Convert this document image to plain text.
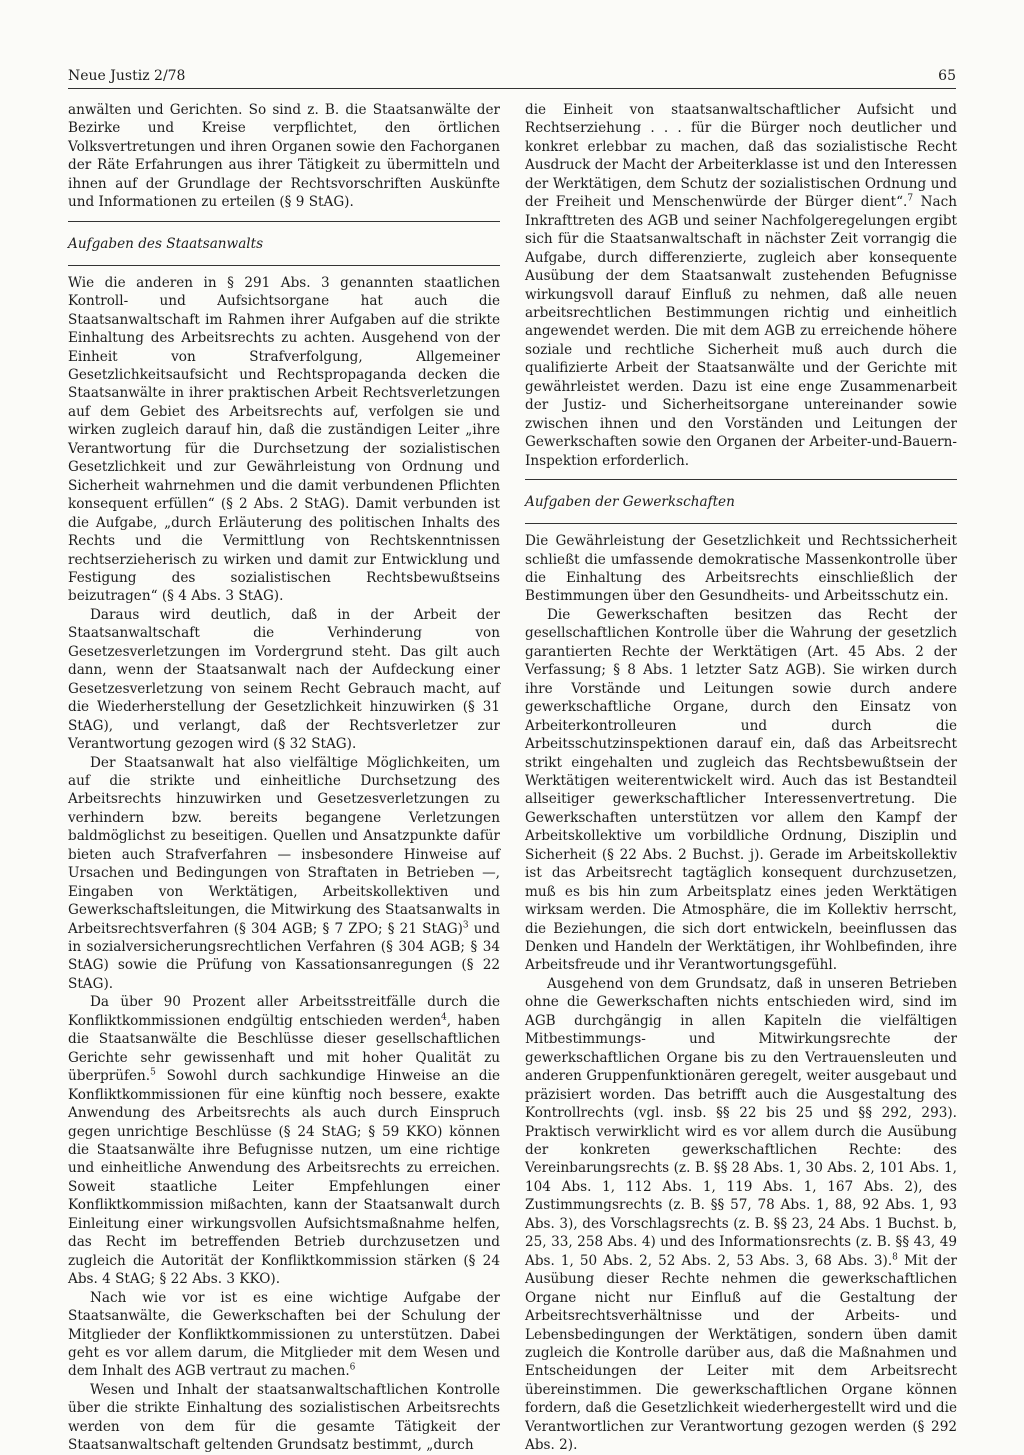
Neue Justiz 2/78	65

anwälten und Gerichten. So sind z. B. die Staatsanwälte der Bezirke und Kreise verpflichtet, den örtlichen Volksvertretungen und ihren Organen sowie den Fachorganen der Räte Erfahrungen aus ihrer Tätigkeit zu übermitteln und ihnen auf der Grundlage der Rechtsvorschriften Auskünfte und Informationen zu erteilen (§ 9 StAG).

Aufgaben des Staatsanwalts

Wie die anderen in § 291 Abs. 3 genannten staatlichen Kontroll- und Aufsichtsorgane hat auch die Staatsanwaltschaft im Rahmen ihrer Aufgaben auf die strikte Einhaltung des Arbeitsrechts zu achten. Ausgehend von der Einheit von Strafverfolgung, Allgemeiner Gesetzlichkeitsaufsicht und Rechtspropaganda decken die Staatsanwälte in ihrer praktischen Arbeit Rechtsverletzungen auf dem Gebiet des Arbeitsrechts auf, verfolgen sie und wirken zugleich darauf hin, daß die zuständigen Leiter „ihre Verantwortung für die Durchsetzung der sozialistischen Gesetzlichkeit und zur Gewährleistung von Ordnung und Sicherheit wahrnehmen und die damit verbundenen Pflichten konsequent erfüllen“ (§ 2 Abs. 2 StAG). Damit verbunden ist die Aufgabe, „durch Erläuterung des politischen Inhalts des Rechts und die Vermittlung von Rechtskenntnissen rechtserzieherisch zu wirken und damit zur Entwicklung und Festigung des sozialistischen Rechtsbewußtseins beizutragen“ (§ 4 Abs. 3 StAG).

Daraus wird deutlich, daß in der Arbeit der Staatsanwaltschaft die Verhinderung von Gesetzesverletzungen im Vordergrund steht. Das gilt auch dann, wenn der Staatsanwalt nach der Aufdeckung einer Gesetzesverletzung von seinem Recht Gebrauch macht, auf die Wiederherstellung der Gesetzlichkeit hinzuwirken (§ 31 StAG), und verlangt, daß der Rechtsverletzer zur Verantwortung gezogen wird (§ 32 StAG).

Der Staatsanwalt hat also vielfältige Möglichkeiten, um auf die strikte und einheitliche Durchsetzung des Arbeitsrechts hinzuwirken und Gesetzesverletzungen zu verhindern bzw. bereits begangene Verletzungen baldmöglichst zu beseitigen. Quellen und Ansatzpunkte dafür bieten auch Strafverfahren — insbesondere Hinweise auf Ursachen und Bedingungen von Straftaten in Betrieben —, Eingaben von Werktätigen, Arbeitskollektiven und Gewerkschaftsleitungen, die Mitwirkung des Staatsanwalts in Arbeitsrechtsverfahren (§ 304 AGB; § 7 ZPO; § 21 StAG)$^3$ und in sozialversicherungsrechtlichen Verfahren (§ 304 AGB; § 34 StAG) sowie die Prüfung von Kassationsanregungen (§ 22 StAG).

Da über 90 Prozent aller Arbeitsstreitfälle durch die Konfliktkommissionen endgültig entschieden werden$^4$, haben die Staatsanwälte die Beschlüsse dieser gesellschaftlichen Gerichte sehr gewissenhaft und mit hoher Qualität zu überprüfen.$^5$ Sowohl durch sachkundige Hinweise an die Konfliktkommissionen für eine künftig noch bessere, exakte Anwendung des Arbeitsrechts als auch durch Einspruch gegen unrichtige Beschlüsse (§ 24 StAG; § 59 KKO) können die Staatsanwälte ihre Befugnisse nutzen, um eine richtige und einheitliche Anwendung des Arbeitsrechts zu erreichen. Soweit staatliche Leiter Empfehlungen einer Konfliktkommission mißachten, kann der Staatsanwalt durch Einleitung einer wirkungsvollen Aufsichtsmaßnahme helfen, das Recht im betreffenden Betrieb durchzusetzen und zugleich die Autorität der Konfliktkommission stärken (§ 24 Abs. 4 StAG; § 22 Abs. 3 KKO).

Nach wie vor ist es eine wichtige Aufgabe der Staatsanwälte, die Gewerkschaften bei der Schulung der Mitglieder der Konfliktkommissionen zu unterstützen. Dabei geht es vor allem darum, die Mitglieder mit dem Wesen und dem Inhalt des AGB vertraut zu machen.$^6$

Wesen und Inhalt der staatsanwaltschaftlichen Kontrolle über die strikte Einhaltung des sozialistischen Arbeitsrechts werden von dem für die gesamte Tätigkeit der Staatsanwaltschaft geltenden Grundsatz bestimmt, „durch

die Einheit von staatsanwaltschaftlicher Aufsicht und Rechtserziehung . . . für die Bürger noch deutlicher und konkret erlebbar zu machen, daß das sozialistische Recht Ausdruck der Macht der Arbeiterklasse ist und den Interessen der Werktätigen, dem Schutz der sozialistischen Ordnung und der Freiheit und Menschenwürde der Bürger dient“.$^7$ Nach Inkrafttreten des AGB und seiner Nachfolgeregelungen ergibt sich für die Staatsanwaltschaft in nächster Zeit vorrangig die Aufgabe, durch differenzierte, zugleich aber konsequente Ausübung der dem Staatsanwalt zustehenden Befugnisse wirkungsvoll darauf Einfluß zu nehmen, daß alle neuen arbeitsrechtlichen Bestimmungen richtig und einheitlich angewendet werden. Die mit dem AGB zu erreichende höhere soziale und rechtliche Sicherheit muß auch durch die qualifizierte Arbeit der Staatsanwälte und der Gerichte mit gewährleistet werden. Dazu ist eine enge Zusammenarbeit der Justiz- und Sicherheitsorgane untereinander sowie zwischen ihnen und den Vorständen und Leitungen der Gewerkschaften sowie den Organen der Arbeiter-und-Bauern-Inspektion erforderlich.

Aufgaben der Gewerkschaften

Die Gewährleistung der Gesetzlichkeit und Rechtssicherheit schließt die umfassende demokratische Massenkontrolle über die Einhaltung des Arbeitsrechts einschließlich der Bestimmungen über den Gesundheits- und Arbeitsschutz ein.

Die Gewerkschaften besitzen das Recht der gesellschaftlichen Kontrolle über die Wahrung der gesetzlich garantierten Rechte der Werktätigen (Art. 45 Abs. 2 der Verfassung; § 8 Abs. 1 letzter Satz AGB). Sie wirken durch ihre Vorstände und Leitungen sowie durch andere gewerkschaftliche Organe, durch den Einsatz von Arbeiterkontrolleuren und durch die Arbeitsschutzinspektionen darauf ein, daß das Arbeitsrecht strikt eingehalten und zugleich das Rechtsbewußtsein der Werktätigen weiterentwickelt wird. Auch das ist Bestandteil allseitiger gewerkschaftlicher Interessenvertretung. Die Gewerkschaften unterstützen vor allem den Kampf der Arbeitskollektive um vorbildliche Ordnung, Disziplin und Sicherheit (§ 22 Abs. 2 Buchst. j). Gerade im Arbeitskollektiv ist das Arbeitsrecht tagtäglich konsequent durchzusetzen, muß es bis hin zum Arbeitsplatz eines jeden Werktätigen wirksam werden. Die Atmosphäre, die im Kollektiv herrscht, die Beziehungen, die sich dort entwickeln, beeinflussen das Denken und Handeln der Werktätigen, ihr Wohlbefinden, ihre Arbeitsfreude und ihr Verantwortungsgefühl.

Ausgehend von dem Grundsatz, daß in unseren Betrieben ohne die Gewerkschaften nichts entschieden wird, sind im AGB durchgängig in allen Kapiteln die vielfältigen Mitbestimmungs- und Mitwirkungsrechte der gewerkschaftlichen Organe bis zu den Vertrauensleuten und anderen Gruppenfunktionären geregelt, weiter ausgebaut und präzisiert worden. Das betrifft auch die Ausgestaltung des Kontrollrechts (vgl. insb. §§ 22 bis 25 und §§ 292, 293). Praktisch verwirklicht wird es vor allem durch die Ausübung der konkreten gewerkschaftlichen Rechte: des Vereinbarungsrechts (z. B. §§ 28 Abs. 1, 30 Abs. 2, 101 Abs. 1, 104 Abs. 1, 112 Abs. 1, 119 Abs. 1, 167 Abs. 2), des Zustimmungsrechts (z. B. §§ 57, 78 Abs. 1, 88, 92 Abs. 1, 93 Abs. 3), des Vorschlagsrechts (z. B. §§ 23, 24 Abs. 1 Buchst. b, 25, 33, 258 Abs. 4) und des Informationsrechts (z. B. §§ 43, 49 Abs. 1, 50 Abs. 2, 52 Abs. 2, 53 Abs. 3, 68 Abs. 3).$^8$ Mit der Ausübung dieser Rechte nehmen die gewerkschaftlichen Organe nicht nur Einfluß auf die Gestaltung der Arbeitsrechtsverhältnisse und der Arbeits- und Lebensbedingungen der Werktätigen, sondern üben damit zugleich die Kontrolle darüber aus, daß die Maßnahmen und Entscheidungen der Leiter mit dem Arbeitsrecht übereinstimmen. Die gewerkschaftlichen Organe können fordern, daß die Gesetzlichkeit wiederhergestellt wird und die Verantwortlichen zur Verantwortung gezogen werden (§ 292 Abs. 2).
